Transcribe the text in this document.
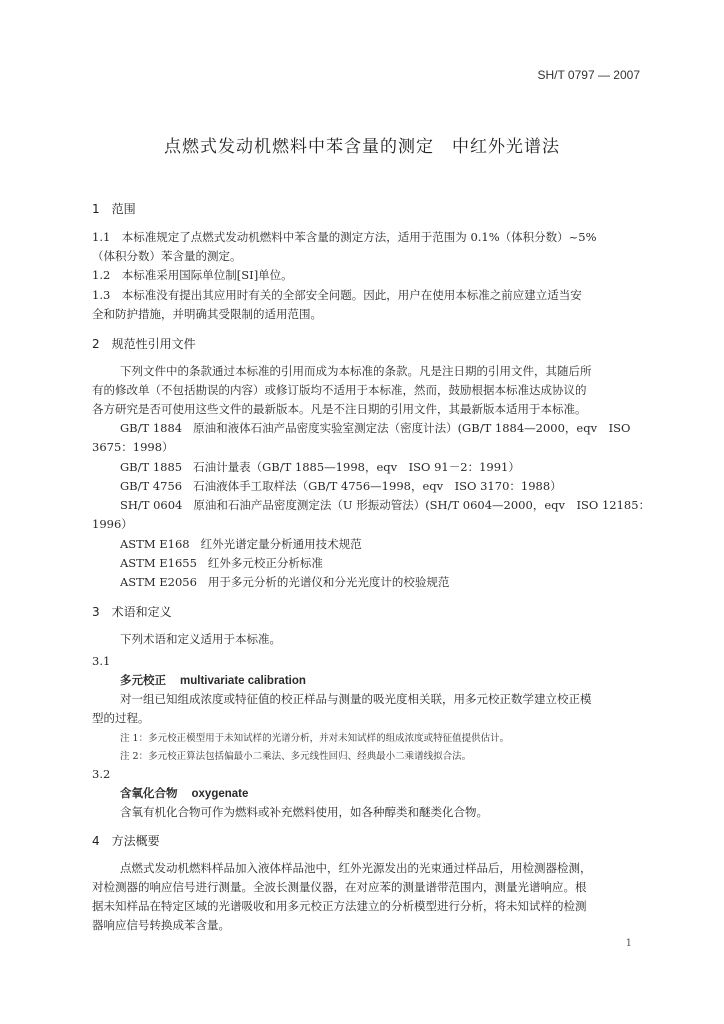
SH/T 0797 — 2007
点燃式发动机燃料中苯含量的测定　中红外光谱法
1　范围
1.1　本标准规定了点燃式发动机燃料中苯含量的测定方法，适用于范围为 0.1%（体积分数）~5%
（体积分数）苯含量的测定。
1.2　本标准采用国际单位制[SI]单位。
1.3　本标准没有提出其应用时有关的全部安全问题。因此，用户在使用本标准之前应建立适当安
全和防护措施，并明确其受限制的适用范围。
2　规范性引用文件
下列文件中的条款通过本标准的引用而成为本标准的条款。凡是注日期的引用文件，其随后所
有的修改单（不包括勘误的内容）或修订版均不适用于本标准，然而，鼓励根据本标准达成协议的
各方研究是否可使用这些文件的最新版本。凡是不注日期的引用文件，其最新版本适用于本标准。
GB/T 1884 原油和液体石油产品密度实验室测定法（密度计法）(GB/T 1884—2000，eqv　ISO
3675：1998）
GB/T 1885 石油计量表（GB/T 1885—1998，eqv　ISO 91－2：1991）
GB/T 4756 石油液体手工取样法（GB/T 4756—1998，eqv　ISO 3170：1988）
SH/T 0604 原油和石油产品密度测定法（U 形振动管法）(SH/T 0604—2000，eqv　ISO 12185：
1996）
ASTM E168 红外光谱定量分析通用技术规范
ASTM E1655 红外多元校正分析标准
ASTM E2056 用于多元分析的光谱仪和分光光度计的校验规范
3　术语和定义
下列术语和定义适用于本标准。
3.1
多元校正 multivariate calibration
对一组已知组成浓度或特征值的校正样品与测量的吸光度相关联，用多元校正数学建立校正模
型的过程。
注 1：多元校正模型用于未知试样的光谱分析，并对未知试样的组成浓度或特征值提供估计。
注 2：多元校正算法包括偏最小二乘法、多元线性回归、经典最小二乘谱线拟合法。
3.2
含氧化合物 oxygenate
含氧有机化合物可作为燃料或补充燃料使用，如各种醇类和醚类化合物。
4　方法概要
点燃式发动机燃料样品加入液体样品池中，红外光源发出的光束通过样品后，用检测器检测，
对检测器的响应信号进行测量。全波长测量仪器，在对应苯的测量谱带范围内，测量光谱响应。根
据未知样品在特定区域的光谱吸收和用多元校正方法建立的分析模型进行分析，将未知试样的检测
器响应信号转换成苯含量。
1
